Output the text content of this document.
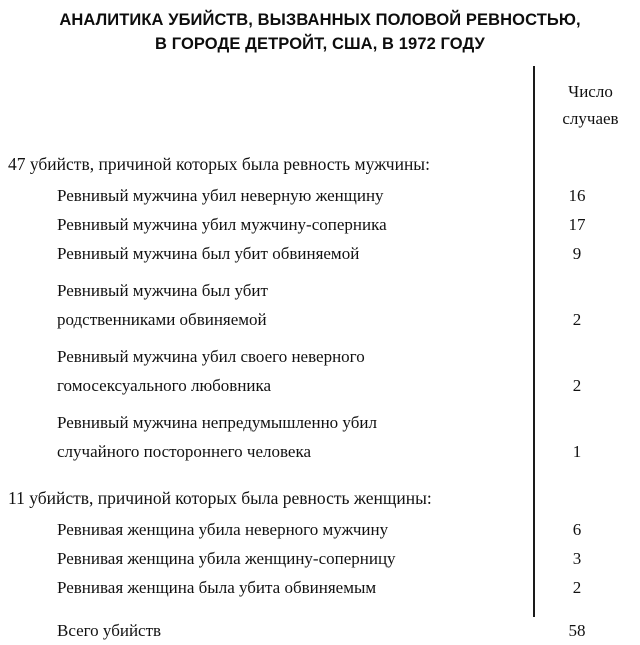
АНАЛИТИКА УБИЙСТВ, ВЫЗВАННЫХ ПОЛОВОЙ РЕВНОСТЬЮ,
В ГОРОДЕ ДЕТРОЙТ, США, В 1972 ГОДУ
Число
случаев
47 убийств, причиной которых была ревность мужчины:
Ревнивый мужчина убил неверную женщину	16
Ревнивый мужчина убил мужчину-соперника	17
Ревнивый мужчина был убит обвиняемой	9
Ревнивый мужчина был убит
родственниками обвиняемой	2
Ревнивый мужчина убил своего неверного
гомосексуального любовника	2
Ревнивый мужчина непредумышленно убил
случайного постороннего человека	1
11 убийств, причиной которых была ревность женщины:
Ревнивая женщина убила неверного мужчину	6
Ревнивая женщина убила женщину-соперницу	3
Ревнивая женщина была убита обвиняемым	2
Всего убийств	58
